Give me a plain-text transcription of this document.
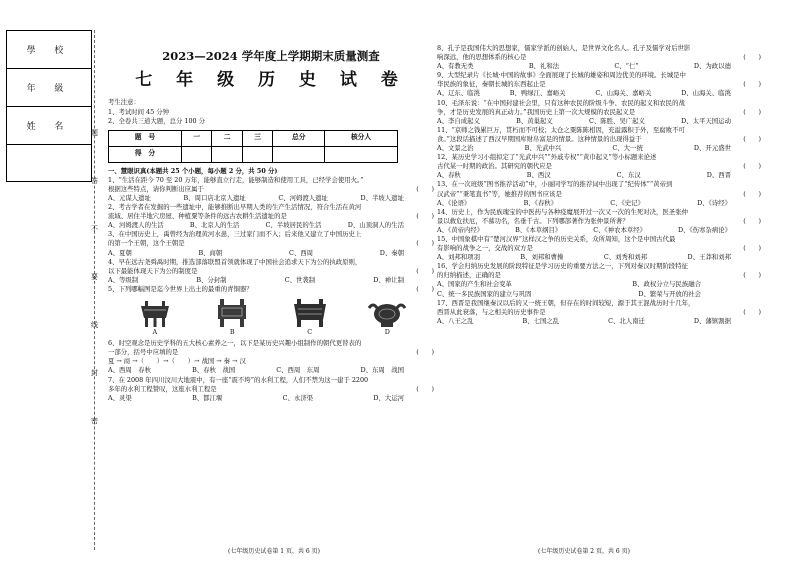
學 校
年 級
姓 名
题
答
不
要
线
封
密
2023—2024 学年度上学期期末质量测查
七 年 级 历 史 试 卷
考生注意：
1、考试时间 45 分钟
2、全卷共三道大题，总分 100 分
题　号	一	二	三	总分	核分人
得　分					
一、慧眼识真(本题共 25 个小题，每小题 2 分，共 50 分)
1、“生活在距今 70 至 20 万年，能够直立行走，能够制造和使用工具，已经学会使用火。”
根据这些特点，请你判断出应属于	(　　)
A、元谋人遗址	B、周口店北京人遗址	C、河姆渡人遗址	D、半坡人遗址
2、考古学者在发掘的一些遗址中，能够推断出早期人类的生产生活情况，符合生活在黄河
流域、居住半地穴房屋、种植粟等条件的远古农耕生活遗址的是	(　　)
A、河姆渡人的生活	B、北京人的生活	C、半坡居民的生活	D、山顶洞人的生活
3、在中国历史上，禹曾经为治理黄河水患，三过家门而不入；后来他又建立了中国历史上
的第一个王朝，这个王朝是	(　　)
A、夏朝	B、商朝	C、西周	D、秦朝
4、早在远古尧舜禹时期，推选部落联盟首领就体现了中国社会追求天下为公的执政原则，
以下最能体现天下为公的制度是	(　　)
A、等级制	B、分封制	C、世袭制	D、禅让制
5、下列哪幅图是迄今世界上出土的最重的青铜器？	(　　)
A	B	C	D
6、时空观念是历史学科的五大核心素养之一，以下是某历史兴趣小组制作的朝代更替表的
一部分，括号中应填的是	(　　)
夏 → 商 →（　　）→（　　）→ 战国 → 秦 → 汉
A、西周　春秋	B、春秋　战国	C、西周　东周	D、东周　战国
7、在 2008 年四川汶川大地震中，有一座“震不垮”的水利工程，人们不禁为这一建于 2200
多年的水利工程赞叹，这座水利工程是	(　　)
A、灵渠	B、都江堰	C、永济渠	D、大运河
8、孔子是我国伟大的思想家，儒家学派的创始人，是世界文化名人。孔子及儒学对后世影
响深远，他的思想体系的核心是	(　　)
A、有教无类	B、礼和法	C、“仁”	D、为政以德
9、大型纪录片《长城·中国的故事》全面展现了长城的雄姿和周边优美的环境。长城是中
华民族的象征，秦朝长城的东西起止是	(　　)
A、辽东、临洮	B、鸭绿江、嘉峪关	C、山海关、嘉峪关	D、山海关、临洮
10、毛泽东说：“在中国封建社会里，只有这种农民的阶级斗争、农民的起义和农民的战
争，才是历史发展的真正动力。”我国历史上第一次大规模的农民起义是	(　　)
A、李自成起义	B、黄巢起义	C、陈胜、吴广起义	D、太平天国运动
11、“京师之钱累巨万，贯朽而不可校；太仓之粟陈陈相因，充溢露积于外，至腐败不可
食。”这段话描述了西汉早期国库财帛富足的情景。这种情景的出现得益于	(　　)
A、文景之治	B、光武中兴	C、大一统	D、开元盛世
12、某历史学习小组拟定了“光武中兴”“外戚专权”“黄巾起义”等小标题来论述
古代某一时期的政治。其研究的朝代应是	(　　)
A、春秋	B、西汉	C、东汉	D、西晋
13、在一次班级“图书推荐活动”中，小丽同学写的推荐词中出现了“纪传体”“黄帝到
汉武帝”“秉笔直书”等，她推荐的图书应该是	(　　)
A、《论语》	B、《春秋》	C、《史记》	D、《诗经》
14、历史上，作为民族瑰宝的中医药与各种疫魔展开过一次又一次的生死对决，医圣张仲
景以救危扶厄，不慕功名，名垂千古。下列哪部著作为张仲景所著？	(　　)
A、《黄帝内经》	B、《本草纲目》	C、《神农本草经》	D、《伤寒杂病论》
15、中国象棋中有“楚河汉界”这样汉之争的历史关系，众所周知，这个是中国古代最
有影响的战争之一，交战的双方是	(　　)
A、刘邦和项羽	B、刘邦和曹操	C、刘秀和刘邦	D、王莽和刘邦
16、学会归纳历史发展的阶段特征是学习历史的重要方法之一，下列对秦汉时期阶段特征
的归纳描述，正确的是	(　　)
A、国家的产生和社会变革	B、政权分立与民族融合
C、统一多民族国家的建立与巩固	D、繁荣与开放的社会
17、西晋是我国继秦汉以后的又一统王朝，但存在的时间较短，源于其王混战历时十几年，
西晋从此衰落，与之相关的历史事件是	(　　)
A、八王之乱	B、七国之乱	C、北人南迁	D、藩镇割据
(七年级历史试卷第 1 页，共 6 页)	(七年级历史试卷第 2 页，共 6 页)
